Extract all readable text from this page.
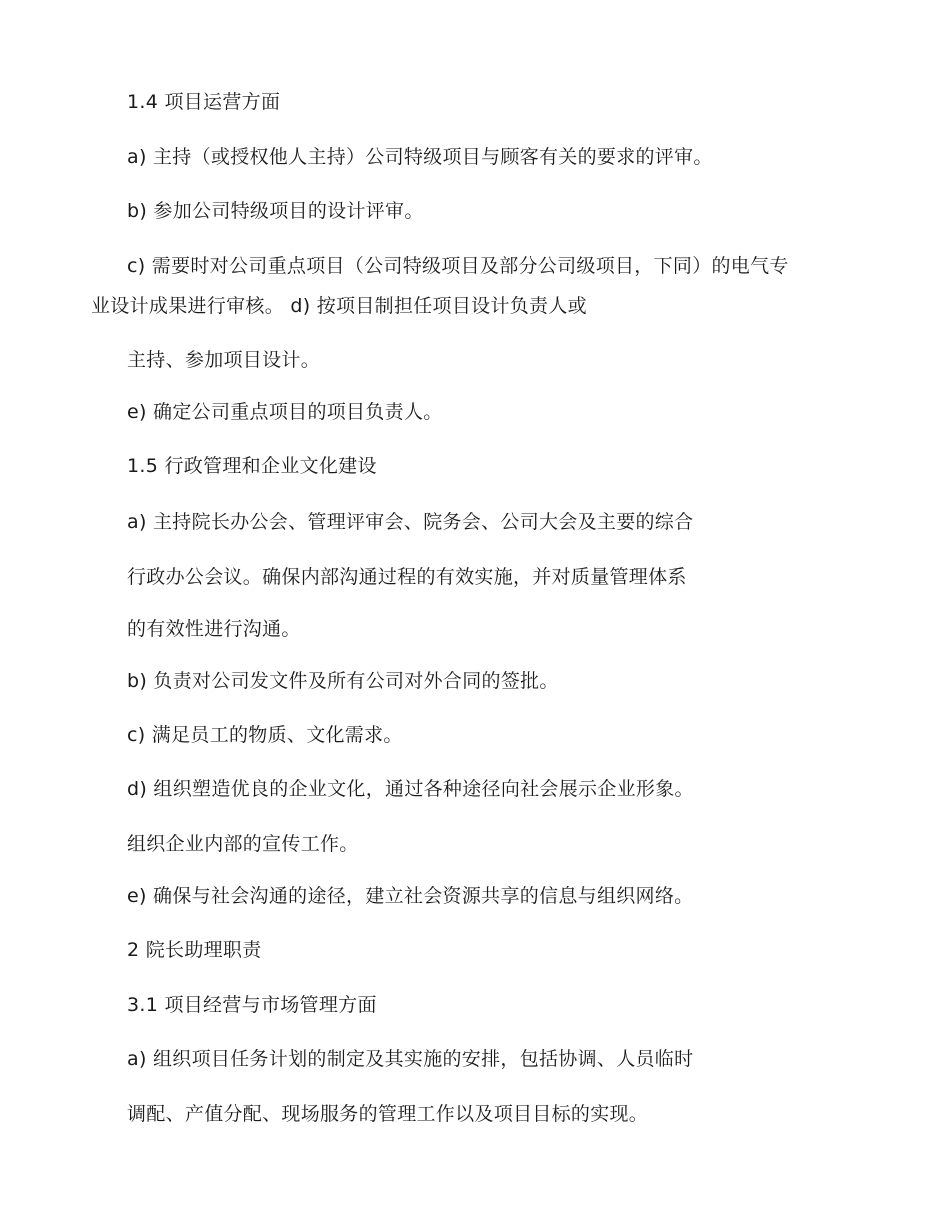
1.4 项目运营方面
a) 主持（或授权他人主持）公司特级项目与顾客有关的要求的评审。
b) 参加公司特级项目的设计评审。
c) 需要时对公司重点项目（公司特级项目及部分公司级项目，下同）的电气专
业设计成果进行审核。 d) 按项目制担任项目设计负责人或
主持、参加项目设计。
e) 确定公司重点项目的项目负责人。
1.5 行政管理和企业文化建设
a) 主持院长办公会、管理评审会、院务会、公司大会及主要的综合
行政办公会议。确保内部沟通过程的有效实施，并对质量管理体系
的有效性进行沟通。
b) 负责对公司发文件及所有公司对外合同的签批。
c) 满足员工的物质、文化需求。
d) 组织塑造优良的企业文化，通过各种途径向社会展示企业形象。
组织企业内部的宣传工作。
e) 确保与社会沟通的途径，建立社会资源共享的信息与组织网络。
2 院长助理职责
3.1 项目经营与市场管理方面
a) 组织项目任务计划的制定及其实施的安排，包括协调、人员临时
调配、产值分配、现场服务的管理工作以及项目目标的实现。
